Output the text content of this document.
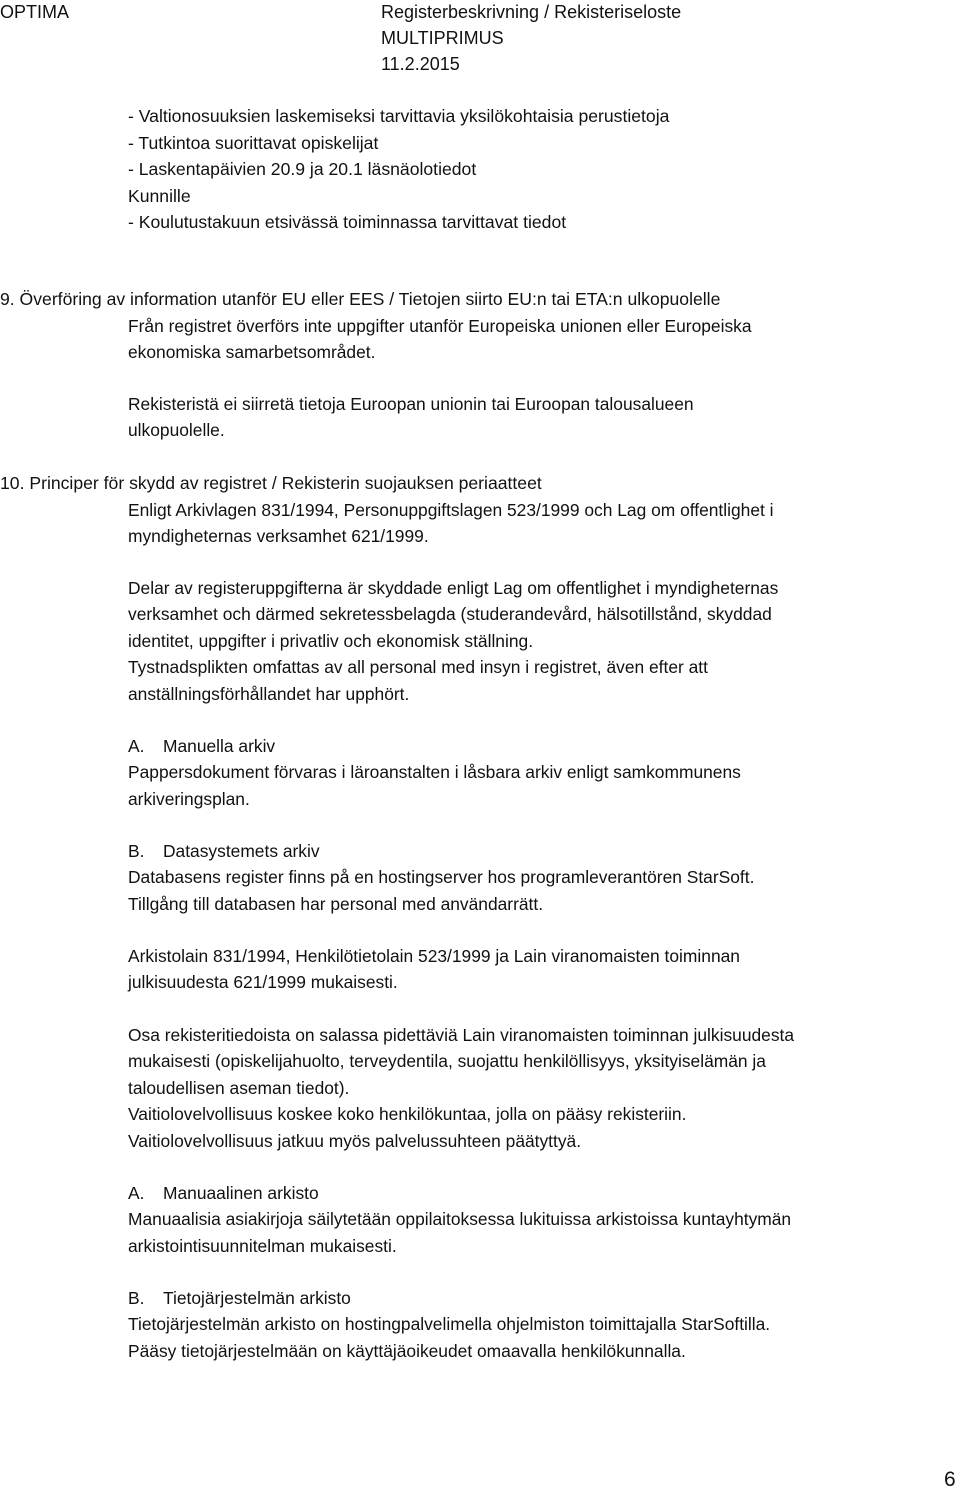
OPTIMA	Registerbeskrivning / Rekisteriseloste
MULTIPRIMUS
11.2.2015
- Valtionosuuksien laskemiseksi tarvittavia yksilökohtaisia perustietoja
- Tutkintoa suorittavat opiskelijat
- Laskentapäivien 20.9 ja 20.1 läsnäolotiedot
Kunnille
- Koulutustakuun etsivässä toiminnassa tarvittavat tiedot
9. Överföring av information utanför EU eller EES / Tietojen siirto EU:n tai ETA:n ulkopuolelle
Från registret överförs inte uppgifter utanför Europeiska unionen eller Europeiska
ekonomiska samarbetsområdet.
Rekisteristä ei siirretä tietoja Euroopan unionin tai Euroopan talousalueen
ulkopuolelle.
10. Principer för skydd av registret / Rekisterin suojauksen periaatteet
Enligt Arkivlagen 831/1994, Personuppgiftslagen 523/1999 och Lag om offentlighet i
myndigheternas verksamhet 621/1999.
Delar av registeruppgifterna är skyddade enligt Lag om offentlighet i myndigheternas
verksamhet och därmed sekretessbelagda (studerandevård, hälsotillstånd, skyddad
identitet, uppgifter i privatliv och ekonomisk ställning.
Tystnadsplikten omfattas av all personal med insyn i registret, även efter att
anställningsförhållandet har upphört.
A. Manuella arkiv
Pappersdokument förvaras i läroanstalten i låsbara arkiv enligt samkommunens
arkiveringsplan.
B. Datasystemets arkiv
Databasens register finns på en hostingserver hos programleverantören StarSoft.
Tillgång till databasen har personal med användarrätt.
Arkistolain 831/1994, Henkilötietolain 523/1999 ja Lain viranomaisten toiminnan
julkisuudesta 621/1999 mukaisesti.
Osa rekisteritiedoista on salassa pidettäviä Lain viranomaisten toiminnan julkisuudesta
mukaisesti (opiskelijahuolto, terveydentila, suojattu henkilöllisyys, yksityiselämän ja
taloudellisen aseman tiedot).
Vaitiolovelvollisuus koskee koko henkilökuntaa, jolla on pääsy rekisteriin.
Vaitiolovelvollisuus jatkuu myös palvelussuhteen päätyttyä.
A. Manuaalinen arkisto
Manuaalisia asiakirjoja säilytetään oppilaitoksessa lukituissa arkistoissa kuntayhtymän
arkistointisuunnitelman mukaisesti.
B. Tietojärjestelmän arkisto
Tietojärjestelmän arkisto on hostingpalvelimella ohjelmiston toimittajalla StarSoftilla.
Pääsy tietojärjestelmään on käyttäjäoikeudet omaavalla henkilökunnalla.
6
